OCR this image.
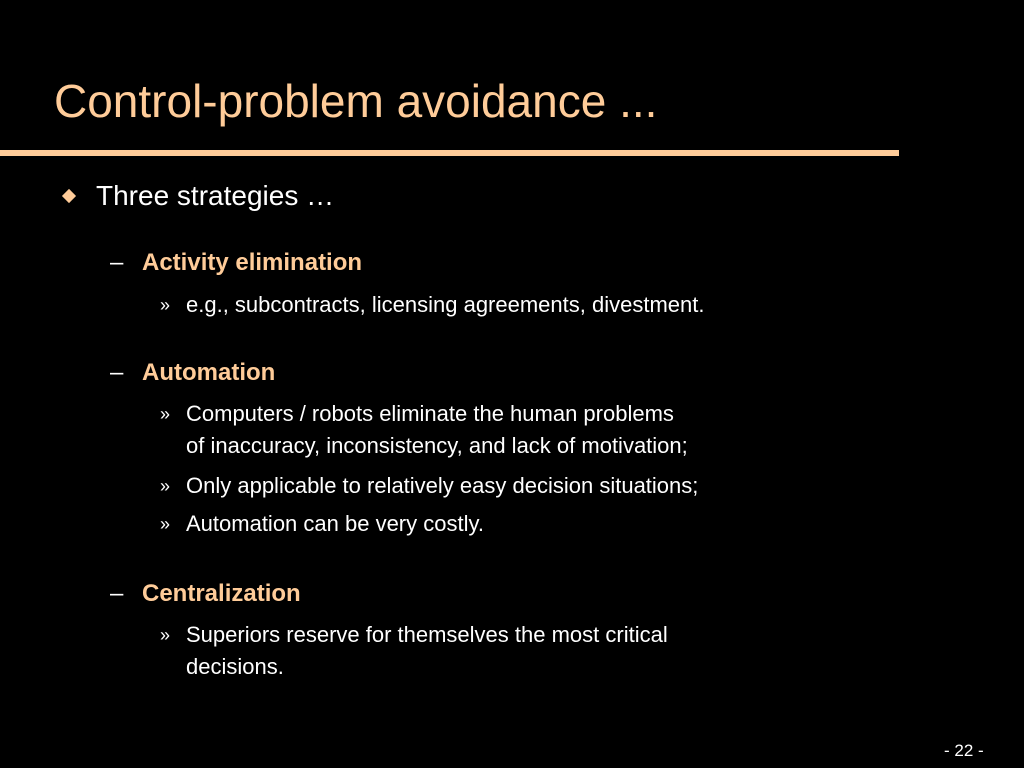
Control-problem avoidance ...
Three strategies …
– Activity elimination
» e.g., subcontracts, licensing agreements, divestment.
– Automation
» Computers / robots eliminate the human problems
of inaccuracy, inconsistency, and lack of motivation;
» Only applicable to relatively easy decision situations;
» Automation can be very costly.
– Centralization
» Superiors reserve for themselves the most critical
decisions.
- 22 -
